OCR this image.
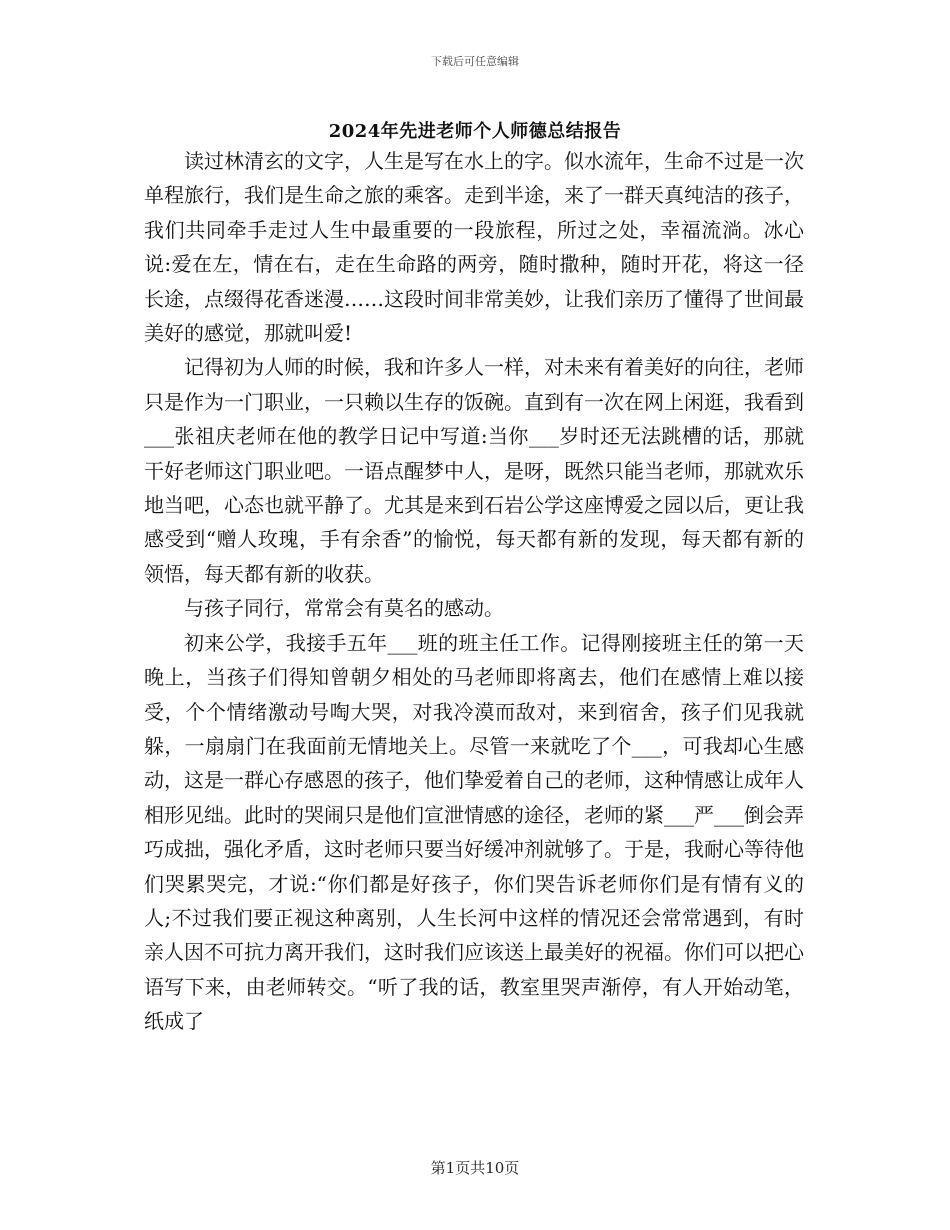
下载后可任意编辑
2024年先进老师个人师德总结报告

读过林清玄的文字，人生是写在水上的字。似水流年，生命不过是一次单程旅行，我们是生命之旅的乘客。走到半途，来了一群天真纯洁的孩子，我们共同牵手走过人生中最重要的一段旅程，所过之处，幸福流淌。冰心说:爱在左，情在右，走在生命路的两旁，随时撒种，随时开花，将这一径长途，点缀得花香迷漫……这段时间非常美妙，让我们亲历了懂得了世间最美好的感觉，那就叫爱!

记得初为人师的时候，我和许多人一样，对未来有着美好的向往，老师只是作为一门职业，一只赖以生存的饭碗。直到有一次在网上闲逛，我看到___张祖庆老师在他的教学日记中写道:当你___岁时还无法跳槽的话，那就干好老师这门职业吧。一语点醒梦中人，是呀，既然只能当老师，那就欢乐地当吧，心态也就平静了。尤其是来到石岩公学这座博爱之园以后，更让我感受到“赠人玫瑰，手有余香”的愉悦，每天都有新的发现，每天都有新的领悟，每天都有新的收获。

与孩子同行，常常会有莫名的感动。

初来公学，我接手五年___班的班主任工作。记得刚接班主任的第一天晚上，当孩子们得知曾朝夕相处的马老师即将离去，他们在感情上难以接受，个个情绪激动号啕大哭，对我冷漠而敌对，来到宿舍，孩子们见我就躲，一扇扇门在我面前无情地关上。尽管一来就吃了个___，可我却心生感动，这是一群心存感恩的孩子，他们挚爱着自己的老师，这种情感让成年人相形见绌。此时的哭闹只是他们宣泄情感的途径，老师的紧___严___倒会弄巧成拙，强化矛盾，这时老师只要当好缓冲剂就够了。于是，我耐心等待他们哭累哭完，才说:“你们都是好孩子，你们哭告诉老师你们是有情有义的人;不过我们要正视这种离别，人生长河中这样的情况还会常常遇到，有时亲人因不可抗力离开我们，这时我们应该送上最美好的祝福。你们可以把心语写下来，由老师转交。“听了我的话，教室里哭声渐停，有人开始动笔，纸成了

第1页共10页
